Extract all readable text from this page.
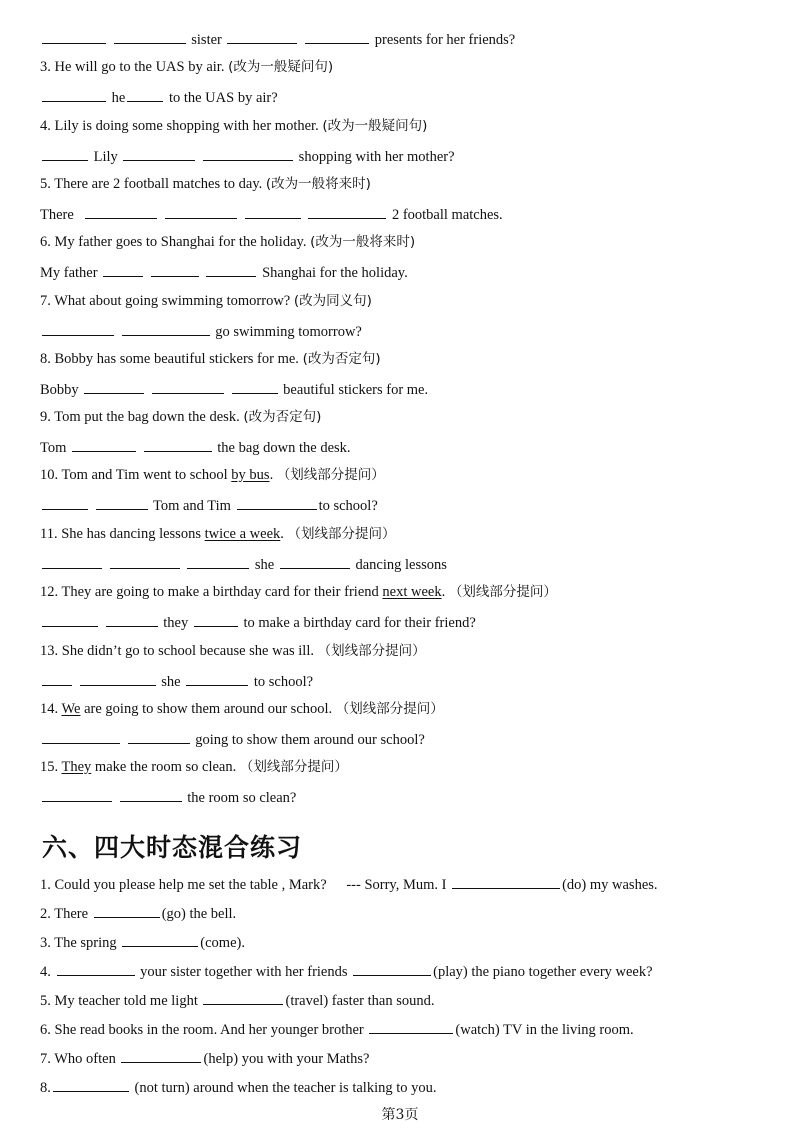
sister	presents for her friends?
3. He will go to the UAS by air. (改为一般疑问句)
he	to the UAS by air?
4. Lily is doing some shopping with her mother. (改为一般疑问句)
Lily	shopping with her mother?
5. There are 2 football matches to day. (改为一般将来时)
There	2 football matches.
6. My father goes to Shanghai for the holiday. (改为一般将来时)
My father	Shanghai for the holiday.
7. What about going swimming tomorrow? (改为同义句)
go swimming tomorrow?
8. Bobby has some beautiful stickers for me. (改为否定句)
Bobby	beautiful stickers for me.
9. Tom put the bag down the desk. (改为否定句)
Tom	the bag down the desk.
10. Tom and Tim went to school by bus. （划线部分提问）
Tom and Tim	to school?
11. She has dancing lessons twice a week. （划线部分提问）
she	dancing lessons
12. They are going to make a birthday card for their friend next week. （划线部分提问）
they	to make a birthday card for their friend?
13. She didn’t go to school because she was ill. （划线部分提问）
she	to school?
14. We are going to show them around our school. （划线部分提问）
going to show them around our school?
15. They make the room so clean. （划线部分提问）
the room so clean?
六、四大时态混合练习
1. Could you please help me set the table , Mark? --- Sorry, Mum. I	(do) my washes.
2. There	(go) the bell.
3. The spring	(come).
4.	your sister together with her friends	(play) the piano together every week?
5. My teacher told me light	(travel) faster than sound.
6. She read books in the room. And her younger brother	(watch) TV in the living room.
7. Who often	(help) you with your Maths?
8.	(not turn) around when the teacher is talking to you.
第3页
